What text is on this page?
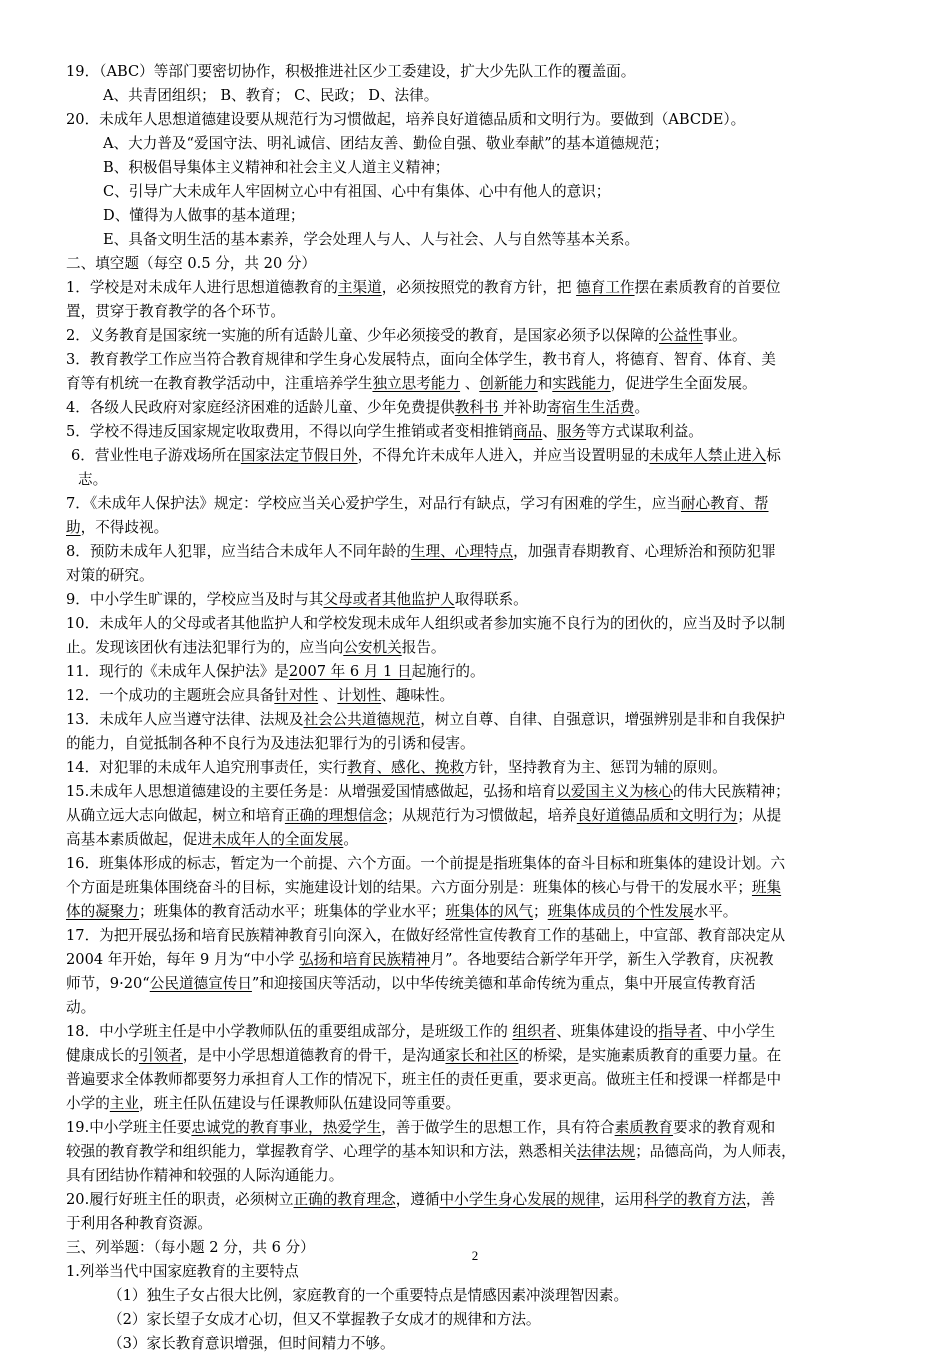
19．（ABC）等部门要密切协作，积极推进社区少工委建设，扩大少先队工作的覆盖面。
A、共青团组织； B、教育； C、民政； D、法律。
20．未成年人思想道德建设要从规范行为习惯做起，培养良好道德品质和文明行为。要做到（ABCDE）。
A、大力普及“爱国守法、明礼诚信、团结友善、勤俭自强、敬业奉献”的基本道德规范；
B、积极倡导集体主义精神和社会主义人道主义精神；
C、引导广大未成年人牢固树立心中有祖国、心中有集体、心中有他人的意识；
D、懂得为人做事的基本道理；
E、具备文明生活的基本素养，学会处理人与人、人与社会、人与自然等基本关系。
二、填空题（每空 0.5 分，共 20 分）
1．学校是对未成年人进行思想道德教育的主渠道，必须按照党的教育方针，把 德育工作摆在素质教育的首要位
置，贯穿于教育教学的各个环节。
2．义务教育是国家统一实施的所有适龄儿童、少年必须接受的教育，是国家必须予以保障的公益性事业。
3．教育教学工作应当符合教育规律和学生身心发展特点，面向全体学生，教书育人，将德育、智育、体育、美
育等有机统一在教育教学活动中，注重培养学生独立思考能力 、创新能力和实践能力，促进学生全面发展。
4．各级人民政府对家庭经济困难的适龄儿童、少年免费提供教科书 并补助寄宿生生活费。
5．学校不得违反国家规定收取费用，不得以向学生推销或者变相推销商品、服务等方式谋取利益。
6．营业性电子游戏场所在国家法定节假日外，不得允许未成年人进入，并应当设置明显的未成年人禁止进入标
志。
7．《未成年人保护法》规定：学校应当关心爱护学生，对品行有缺点，学习有困难的学生，应当耐心教育、帮
助，不得歧视。
8．预防未成年人犯罪，应当结合未成年人不同年龄的生理、心理特点，加强青春期教育、心理矫治和预防犯罪
对策的研究。
9．中小学生旷课的，学校应当及时与其父母或者其他监护人取得联系。
10．未成年人的父母或者其他监护人和学校发现未成年人组织或者参加实施不良行为的团伙的，应当及时予以制
止。发现该团伙有违法犯罪行为的，应当向公安机关报告。
11．现行的《未成年人保护法》是2007 年 6 月 1 日起施行的。
12．一个成功的主题班会应具备针对性 、计划性、趣味性。
13．未成年人应当遵守法律、法规及社会公共道德规范，树立自尊、自律、自强意识，增强辨别是非和自我保护
的能力，自觉抵制各种不良行为及违法犯罪行为的引诱和侵害。
14．对犯罪的未成年人追究刑事责任，实行教育、感化、挽救方针，坚持教育为主、惩罚为辅的原则。
15.未成年人思想道德建设的主要任务是：从增强爱国情感做起，弘扬和培育以爱国主义为核心的伟大民族精神；
从确立远大志向做起，树立和培育正确的理想信念；从规范行为习惯做起，培养良好道德品质和文明行为；从提
高基本素质做起，促进未成年人的全面发展。
16．班集体形成的标志，暂定为一个前提、六个方面。一个前提是指班集体的奋斗目标和班集体的建设计划。六
个方面是班集体围绕奋斗的目标，实施建设计划的结果。六方面分别是：班集体的核心与骨干的发展水平；班集
体的凝聚力；班集体的教育活动水平；班集体的学业水平；班集体的风气；班集体成员的个性发展水平。
17．为把开展弘扬和培育民族精神教育引向深入，在做好经常性宣传教育工作的基础上，中宣部、教育部决定从
2004 年开始，每年 9 月为“中小学 弘扬和培育民族精神月”。各地要结合新学年开学，新生入学教育，庆祝教
师节，9·20“公民道德宣传日”和迎接国庆等活动，以中华传统美德和革命传统为重点，集中开展宣传教育活
动。
18．中小学班主任是中小学教师队伍的重要组成部分，是班级工作的 组织者、班集体建设的指导者、中小学生
健康成长的引领者，是中小学思想道德教育的骨干，是沟通家长和社区的桥梁，是实施素质教育的重要力量。在
普遍要求全体教师都要努力承担育人工作的情况下，班主任的责任更重，要求更高。做班主任和授课一样都是中
小学的主业，班主任队伍建设与任课教师队伍建设同等重要。
19.中小学班主任要忠诚党的教育事业，热爱学生，善于做学生的思想工作，具有符合素质教育要求的教育观和
较强的教育教学和组织能力，掌握教育学、心理学的基本知识和方法，熟悉相关法律法规；品德高尚，为人师表，
具有团结协作精神和较强的人际沟通能力。
20.履行好班主任的职责，必须树立正确的教育理念，遵循中小学生身心发展的规律，运用科学的教育方法，善
于利用各种教育资源。
三、列举题：（每小题 2 分，共 6 分）
1.列举当代中国家庭教育的主要特点
（1）独生子女占很大比例，家庭教育的一个重要特点是情感因素冲淡理智因素。
（2）家长望子女成才心切，但又不掌握教子女成才的规律和方法。
（3）家长教育意识增强，但时间精力不够。
2
